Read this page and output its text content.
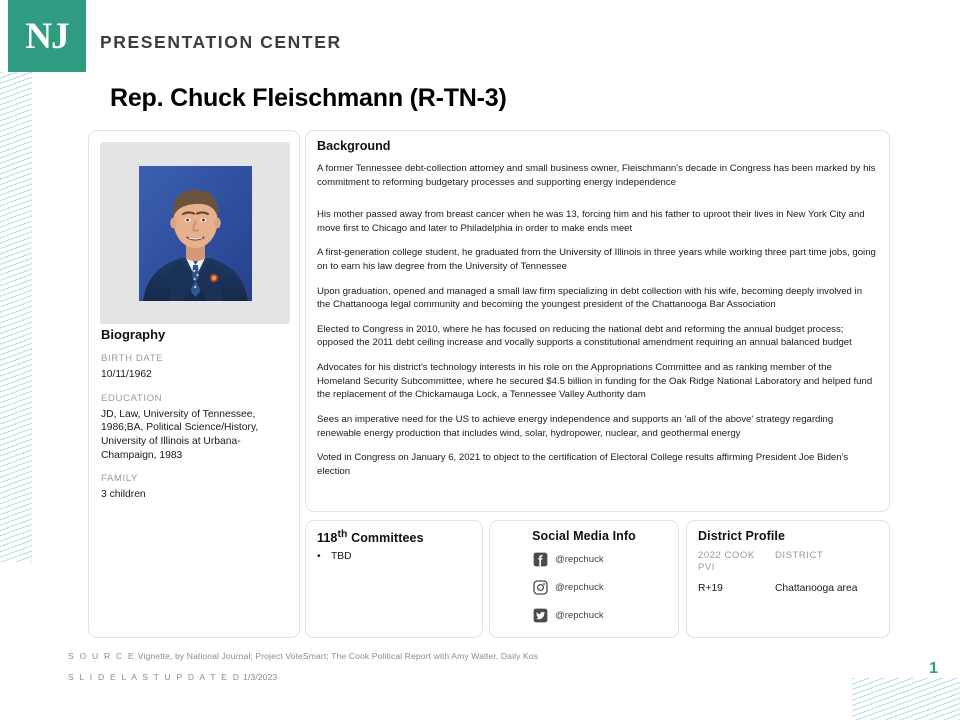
NJ PRESENTATION CENTER
Rep. Chuck Fleischmann (R-TN-3)
Biography
BIRTH DATE
10/11/1962
EDUCATION
JD, Law, University of Tennessee, 1986;BA, Political Science/History, University of Illinois at Urbana-Champaign, 1983
FAMILY
3 children
Background
A former Tennessee debt-collection attorney and small business owner, Fleischmann's decade in Congress has been marked by his commitment to reforming budgetary processes and supporting energy independence
His mother passed away from breast cancer when he was 13, forcing him and his father to uproot their lives in New York City and move first to Chicago and later to Philadelphia in order to make ends meet
A first-generation college student, he graduated from the University of Illinois in three years while working three part time jobs, going on to earn his law degree from the University of Tennessee
Upon graduation, opened and managed a small law firm specializing in debt collection with his wife, becoming deeply involved in the Chattanooga legal community and becoming the youngest president of the Chattanooga Bar Association
Elected to Congress in 2010, where he has focused on reducing the national debt and reforming the annual budget process; opposed the 2011 debt ceiling increase and vocally supports a constitutional amendment requiring an annual balanced budget
Advocates for his district's technology interests in his role on the Appropriations Committee and as ranking member of the Homeland Security Subcommittee, where he secured $4.5 billion in funding for the Oak Ridge National Laboratory and helped fund the replacement of the Chickamauga Lock, a Tennessee Valley Authority dam
Sees an imperative need for the US to achieve energy independence and supports an 'all of the above' strategy regarding renewable energy production that includes wind, solar, hydropower, nuclear, and geothermal energy
Voted in Congress on January 6, 2021 to object to the certification of Electoral College results affirming President Joe Biden's election
118th Committees
•	TBD
Social Media Info
@repchuck
@repchuck
@repchuck
District Profile
2022 COOK PVI
DISTRICT
R+19	Chattanooga area
S O U R C E Vignette, by National Journal; Project VoteSmart; The Cook Political Report with Amy Walter, Daily Kos
S L I D E L A S T U P D A T E D 1/3/2023	1
